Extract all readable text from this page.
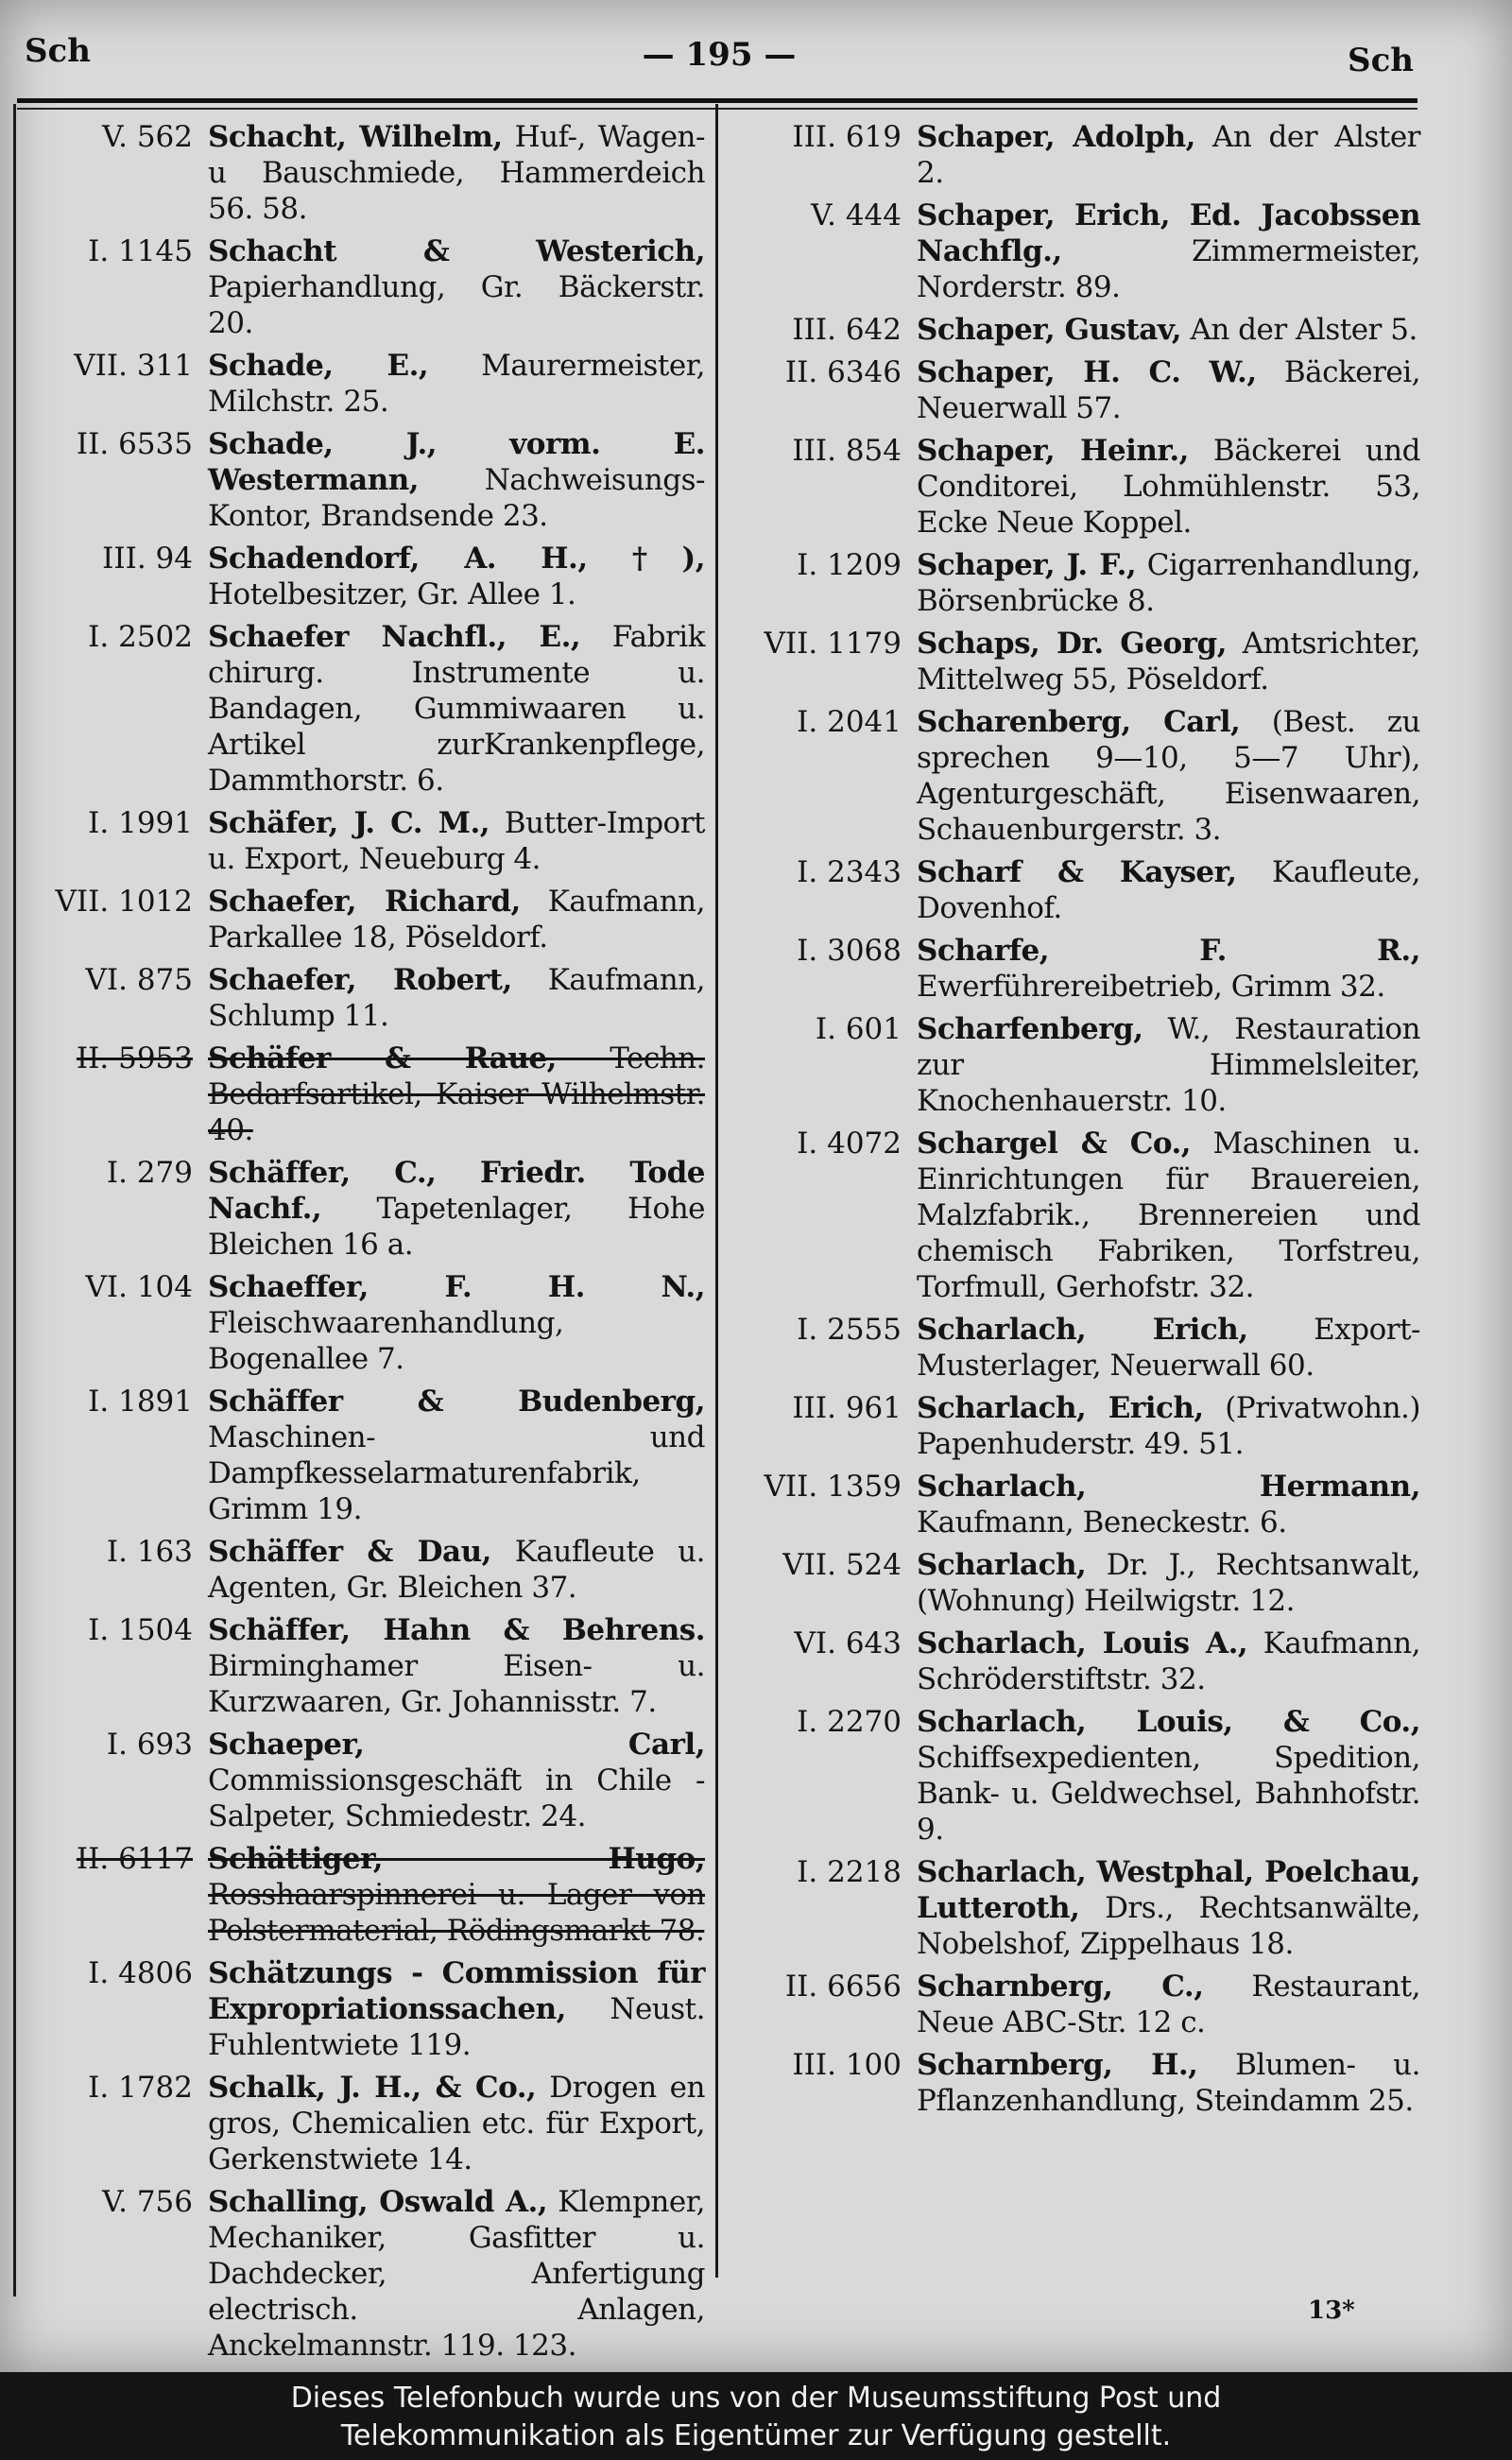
Sch	— 195 —	Sch
V. 562 Schacht, Wilhelm, Huf-, Wagen- u Bauschmiede, Hammerdeich 56. 58.
I. 1145 Schacht & Westerich, Papierhandlung, Gr. Bäckerstr. 20.
VII. 311 Schade, E., Maurermeister, Milchstr. 25.
II. 6535 Schade, J., vorm. E. Westermann, Nachweisungs-Kontor, Brandsende 23.
III. 94 Schadendorf, A. H., †), Hotelbesitzer, Gr. Allee 1.
I. 2502 Schaefer Nachfl., E., Fabrik chirurg. Instrumente u. Bandagen, Gummiwaaren u. Artikel zurKrankenpflege, Dammthorstr. 6.
I. 1991 Schäfer, J. C. M., Butter-Import u. Export, Neueburg 4.
VII. 1012 Schaefer, Richard, Kaufmann, Parkallee 18, Pöseldorf.
VI. 875 Schaefer, Robert, Kaufmann, Schlump 11.
II. 5953 Schäfer & Raue, Techn. Bedarfsartikel, Kaiser Wilhelmstr. 40.
I. 279 Schäffer, C., Friedr. Tode Nachf., Tapetenlager, Hohe Bleichen 16 a.
VI. 104 Schaeffer, F. H. N., Fleischwaarenhandlung, Bogenallee 7.
I. 1891 Schäffer & Budenberg, Maschinen- und Dampfkesselarmaturenfabrik, Grimm 19.
I. 163 Schäffer & Dau, Kaufleute u. Agenten, Gr. Bleichen 37.
I. 1504 Schäffer, Hahn & Behrens. Birminghamer Eisen- u. Kurzwaaren, Gr. Johannisstr. 7.
I. 693 Schaeper, Carl, Commissionsgeschäft in Chile - Salpeter, Schmiedestr. 24.
II. 6117 Schättiger, Hugo, Rosshaarspinnerei u. Lager von Polstermaterial, Rödingsmarkt 78.
I. 4806 Schätzungs - Commission für Expropriationssachen, Neust. Fuhlentwiete 119.
I. 1782 Schalk, J. H., & Co., Drogen en gros, Chemicalien etc. für Export, Gerkenstwiete 14.
V. 756 Schalling, Oswald A., Klempner, Mechaniker, Gasfitter u. Dachdecker, Anfertigung electrisch. Anlagen, Anckelmannstr. 119. 123.
III. 619 Schaper, Adolph, An der Alster 2.
V. 444 Schaper, Erich, Ed. Jacobssen Nachflg., Zimmermeister, Norderstr. 89.
III. 642 Schaper, Gustav, An der Alster 5.
II. 6346 Schaper, H. C. W., Bäckerei, Neuerwall 57.
III. 854 Schaper, Heinr., Bäckerei und Conditorei, Lohmühlenstr. 53, Ecke Neue Koppel.
I. 1209 Schaper, J. F., Cigarrenhandlung, Börsenbrücke 8.
VII. 1179 Schaps, Dr. Georg, Amtsrichter, Mittelweg 55, Pöseldorf.
I. 2041 Scharenberg, Carl, (Best. zu sprechen 9—10, 5—7 Uhr), Agenturgeschäft, Eisenwaaren, Schauenburgerstr. 3.
I. 2343 Scharf & Kayser, Kaufleute, Dovenhof.
I. 3068 Scharfe, F. R., Ewerführereibetrieb, Grimm 32.
I. 601 Scharfenberg, W., Restauration zur Himmelsleiter, Knochenhauerstr. 10.
I. 4072 Schargel & Co., Maschinen u. Einrichtungen für Brauereien, Malzfabrik., Brennereien und chemisch Fabriken, Torfstreu, Torfmull, Gerhofstr. 32.
I. 2555 Scharlach, Erich, Export-Musterlager, Neuerwall 60.
III. 961 Scharlach, Erich, (Privatwohn.) Papenhuderstr. 49. 51.
VII. 1359 Scharlach, Hermann, Kaufmann, Beneckestr. 6.
VII. 524 Scharlach, Dr. J., Rechtsanwalt, (Wohnung) Heilwigstr. 12.
VI. 643 Scharlach, Louis A., Kaufmann, Schröderstiftstr. 32.
I. 2270 Scharlach, Louis, & Co., Schiffsexpedienten, Spedition, Bank- u. Geldwechsel, Bahnhofstr. 9.
I. 2218 Scharlach, Westphal, Poelchau, Lutteroth, Drs., Rechtsanwälte, Nobelshof, Zippelhaus 18.
II. 6656 Scharnberg, C., Restaurant, Neue ABC-Str. 12 c.
III. 100 Scharnberg, H., Blumen- u. Pflanzenhandlung, Steindamm 25.
13*
Dieses Telefonbuch wurde uns von der Museumsstiftung Post und
Telekommunikation als Eigentümer zur Verfügung gestellt.
